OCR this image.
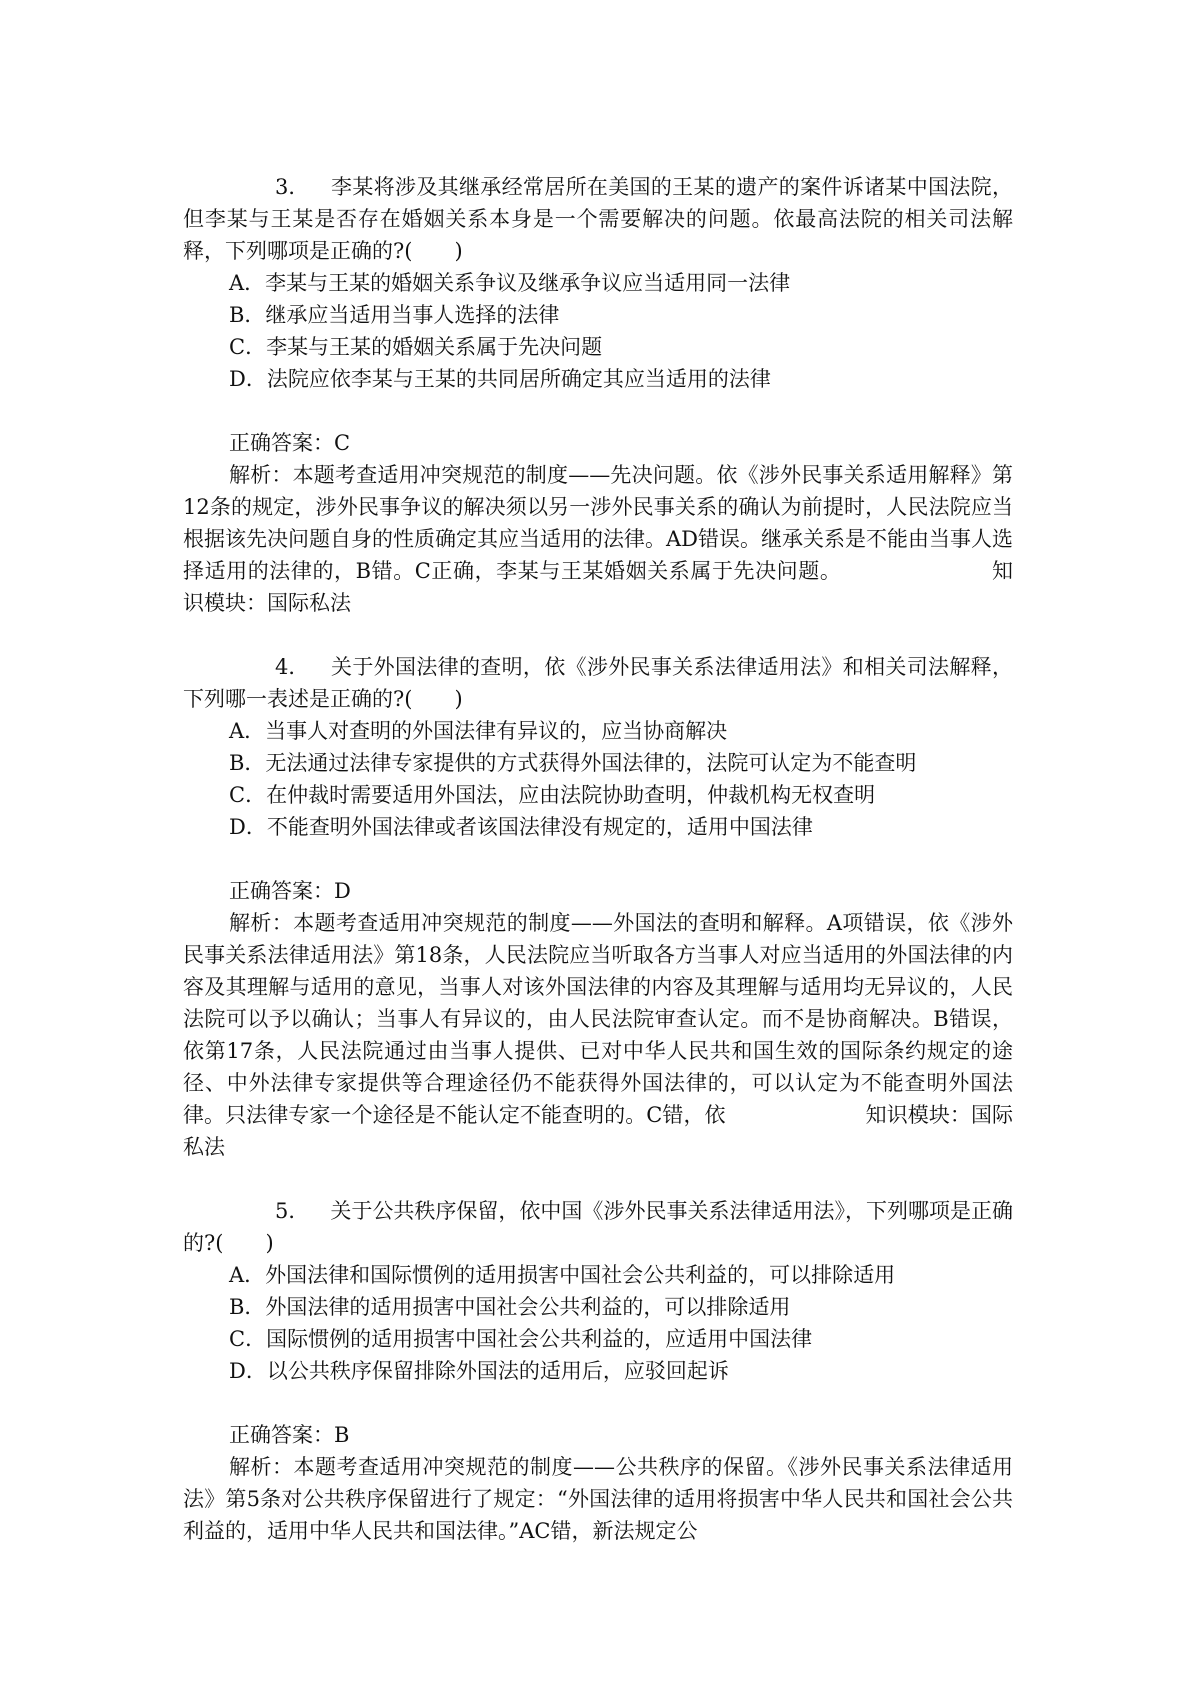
3．　 李某将涉及其继承经常居所在美国的王某的遗产的案件诉诸某中国法院，但李某与王某是否存在婚姻关系本身是一个需要解决的问题。依最高法院的相关司法解释，下列哪项是正确的?(　　)

A．李某与王某的婚姻关系争议及继承争议应当适用同一法律

B．继承应当适用当事人选择的法律

C．李某与王某的婚姻关系属于先决问题

D．法院应依李某与王某的共同居所确定其应当适用的法律

正确答案：C

解析：本题考查适用冲突规范的制度——先决问题。依《涉外民事关系适用解释》第12条的规定，涉外民事争议的解决须以另一涉外民事关系的确认为前提时，人民法院应当根据该先决问题自身的性质确定其应当适用的法律。AD错误。继承关系是不能由当事人选择适用的法律的，B错。C正确，李某与王某婚姻关系属于先决问题。	知识模块：国际私法

4．　 关于外国法律的查明，依《涉外民事关系法律适用法》和相关司法解释，下列哪一表述是正确的?(　　)

A．当事人对查明的外国法律有异议的，应当协商解决

B．无法通过法律专家提供的方式获得外国法律的，法院可认定为不能查明

C．在仲裁时需要适用外国法，应由法院协助查明，仲裁机构无权查明

D．不能查明外国法律或者该国法律没有规定的，适用中国法律

正确答案：D

解析：本题考查适用冲突规范的制度——外国法的查明和解释。A项错误，依《涉外民事关系法律适用法》第18条，人民法院应当听取各方当事人对应当适用的外国法律的内容及其理解与适用的意见，当事人对该外国法律的内容及其理解与适用均无异议的，人民法院可以予以确认；当事人有异议的，由人民法院审查认定。而不是协商解决。B错误，依第17条，人民法院通过由当事人提供、已对中华人民共和国生效的国际条约规定的途径、中外法律专家提供等合理途径仍不能获得外国法律的，可以认定为不能查明外国法律。只法律专家一个途径是不能认定不能查明的。C错，依	知识模块：国际私法

5．　 关于公共秩序保留，依中国《涉外民事关系法律适用法》，下列哪项是正确的?(　　)

A．外国法律和国际惯例的适用损害中国社会公共利益的，可以排除适用

B．外国法律的适用损害中国社会公共利益的，可以排除适用

C．国际惯例的适用损害中国社会公共利益的，应适用中国法律

D．以公共秩序保留排除外国法的适用后，应驳回起诉

正确答案：B

解析：本题考查适用冲突规范的制度——公共秩序的保留。《涉外民事关系法律适用法》第5条对公共秩序保留进行了规定：“外国法律的适用将损害中华人民共和国社会公共利益的，适用中华人民共和国法律。”AC错，新法规定公
